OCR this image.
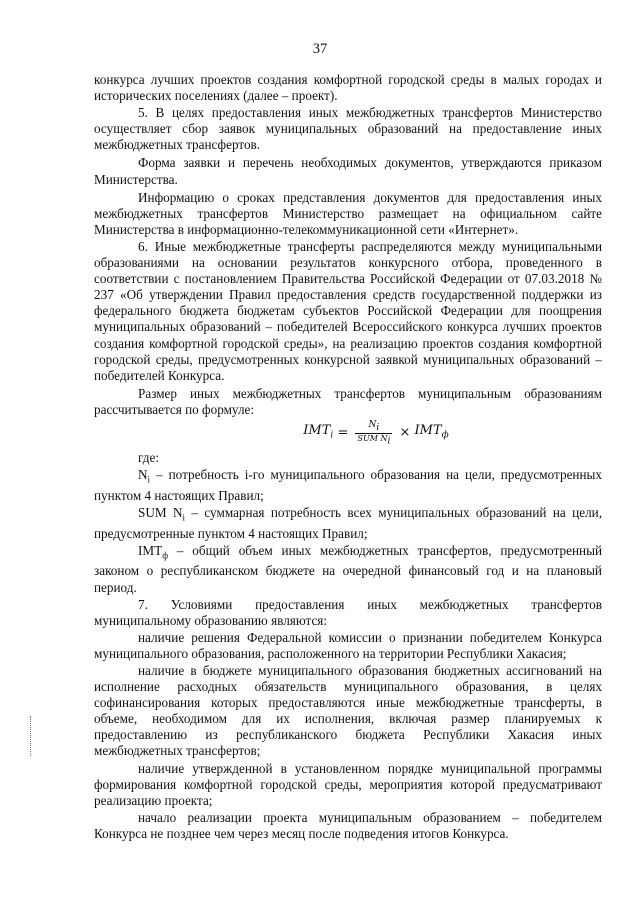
37

конкурса лучших проектов создания комфортной городской среды в малых городах и исторических поселениях (далее – проект).

5. В целях предоставления иных межбюджетных трансфертов Министерство осуществляет сбор заявок муниципальных образований на предоставление иных межбюджетных трансфертов.

Форма заявки и перечень необходимых документов, утверждаются приказом Министерства.

Информацию о сроках представления документов для предоставления иных межбюджетных трансфертов Министерство размещает на официальном сайте Министерства в информационно-телекоммуникационной сети «Интернет».

6. Иные межбюджетные трансферты распределяются между муниципальными образованиями на основании результатов конкурсного отбора, проведенного в соответствии с постановлением Правительства Российской Федерации от 07.03.2018 № 237 «Об утверждении Правил предоставления средств государственной поддержки из федерального бюджета бюджетам субъектов Российской Федерации для поощрения муниципальных образований – победителей Всероссийского конкурса лучших проектов создания комфортной городской среды», на реализацию проектов создания комфортной городской среды, предусмотренных конкурсной заявкой муниципальных образований – победителей Конкурса.

Размер иных межбюджетных трансфертов муниципальным образованиям рассчитывается по формуле:

$IMT_i = \frac{N_i}{SUM N_i} \times IMT_ф$

где:

$N_i$ – потребность i-го муниципального образования на цели, предусмотренных пунктом 4 настоящих Правил;

SUM $N_i$ – суммарная потребность всех муниципальных образований на цели, предусмотренные пунктом 4 настоящих Правил;

$IMT_ф$ – общий объем иных межбюджетных трансфертов, предусмотренный законом о республиканском бюджете на очередной финансовый год и на плановый период.

7. Условиями предоставления иных межбюджетных трансфертов муниципальному образованию являются:

наличие решения Федеральной комиссии о признании победителем Конкурса муниципального образования, расположенного на территории Республики Хакасия;

наличие в бюджете муниципального образования бюджетных ассигнований на исполнение расходных обязательств муниципального образования, в целях софинансирования которых предоставляются иные межбюджетные трансферты, в объеме, необходимом для их исполнения, включая размер планируемых к предоставлению из республиканского бюджета Республики Хакасия иных межбюджетных трансфертов;

наличие утвержденной в установленном порядке муниципальной программы формирования комфортной городской среды, мероприятия которой предусматривают реализацию проекта;

начало реализации проекта муниципальным образованием – победителем Конкурса не позднее чем через месяц после подведения итогов Конкурса.
